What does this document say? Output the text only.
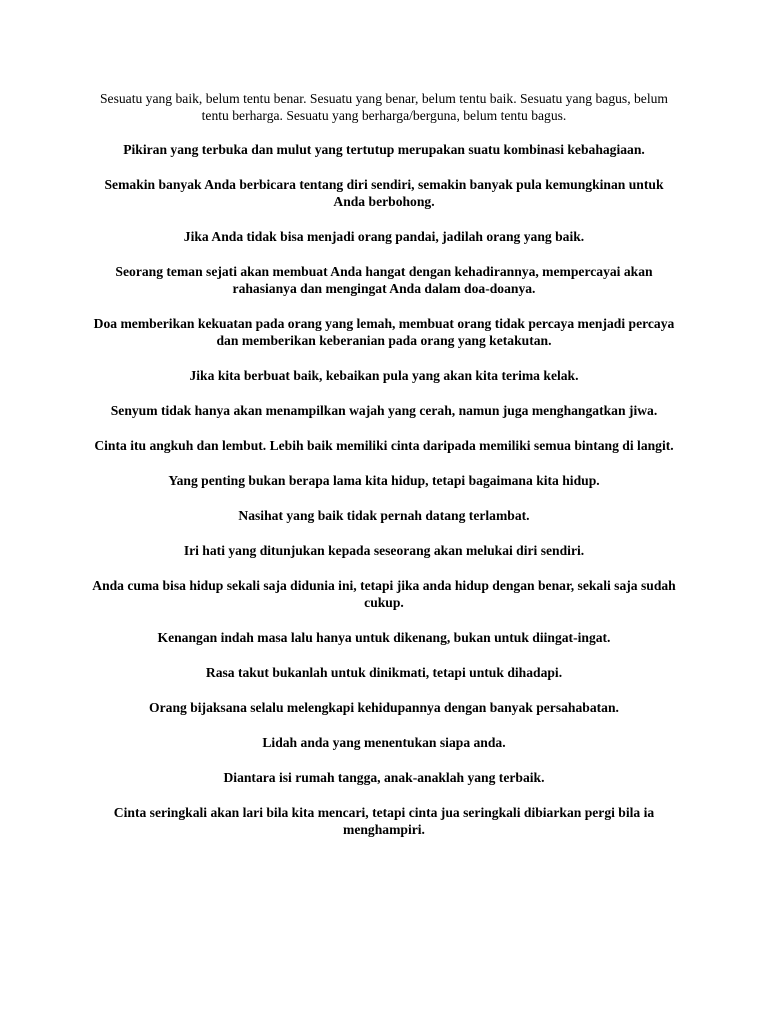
Sesuatu yang baik, belum tentu benar. Sesuatu yang benar, belum tentu baik. Sesuatu yang bagus, belum tentu berharga. Sesuatu yang berharga/berguna, belum tentu bagus.

Pikiran yang terbuka dan mulut yang tertutup merupakan suatu kombinasi kebahagiaan.

Semakin banyak Anda berbicara tentang diri sendiri, semakin banyak pula kemungkinan untuk Anda berbohong.

Jika Anda tidak bisa menjadi orang pandai, jadilah orang yang baik.

Seorang teman sejati akan membuat Anda hangat dengan kehadirannya, mempercayai akan rahasianya dan mengingat Anda dalam doa-doanya.

Doa memberikan kekuatan pada orang yang lemah, membuat orang tidak percaya menjadi percaya dan memberikan keberanian pada orang yang ketakutan.

Jika kita berbuat baik, kebaikan pula yang akan kita terima kelak.

Senyum tidak hanya akan menampilkan wajah yang cerah, namun juga menghangatkan jiwa.

Cinta itu angkuh dan lembut. Lebih baik memiliki cinta daripada memiliki semua bintang di langit.

Yang penting bukan berapa lama kita hidup, tetapi bagaimana kita hidup.

Nasihat yang baik tidak pernah datang terlambat.

Iri hati yang ditunjukan kepada seseorang akan melukai diri sendiri.

Anda cuma bisa hidup sekali saja didunia ini, tetapi jika anda hidup dengan benar, sekali saja sudah cukup.

Kenangan indah masa lalu hanya untuk dikenang, bukan untuk diingat-ingat.

Rasa takut bukanlah untuk dinikmati, tetapi untuk dihadapi.

Orang bijaksana selalu melengkapi kehidupannya dengan banyak persahabatan.

Lidah anda yang menentukan siapa anda.

Diantara isi rumah tangga, anak-anaklah yang terbaik.

Cinta seringkali akan lari bila kita mencari, tetapi cinta jua seringkali dibiarkan pergi bila ia menghampiri.
